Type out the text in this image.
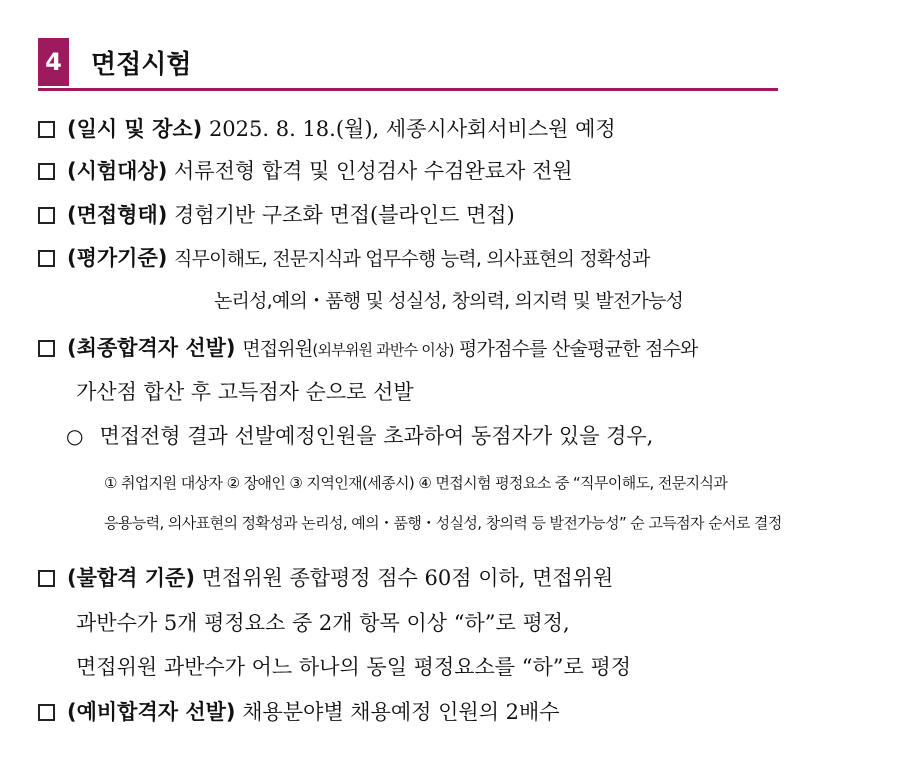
4 면접시험
(일시 및 장소) 2025. 8. 18.(월), 세종시사회서비스원 예정
(시험대상) 서류전형 합격 및 인성검사 수검완료자 전원
(면접형태) 경험기반 구조화 면접(블라인드 면접)
(평가기준) 직무이해도, 전문지식과 업무수행 능력, 의사표현의 정확성과
논리성,예의・품행 및 성실성, 창의력, 의지력 및 발전가능성
(최종합격자 선발) 면접위원(외부위원 과반수 이상) 평가점수를 산술평균한 점수와
가산점 합산 후 고득점자 순으로 선발
○ 면접전형 결과 선발예정인원을 초과하여 동점자가 있을 경우,
① 취업지원 대상자 ② 장애인 ③ 지역인재(세종시) ④ 면접시험 평정요소 중 “직무이해도, 전문지식과
응용능력, 의사표현의 정확성과 논리성, 예의・품행・성실성, 창의력 등 발전가능성” 순 고득점자 순서로 결정
(불합격 기준) 면접위원 종합평정 점수 60점 이하, 면접위원
과반수가 5개 평정요소 중 2개 항목 이상 “하”로 평정,
면접위원 과반수가 어느 하나의 동일 평정요소를 “하”로 평정
(예비합격자 선발) 채용분야별 채용예정 인원의 2배수
